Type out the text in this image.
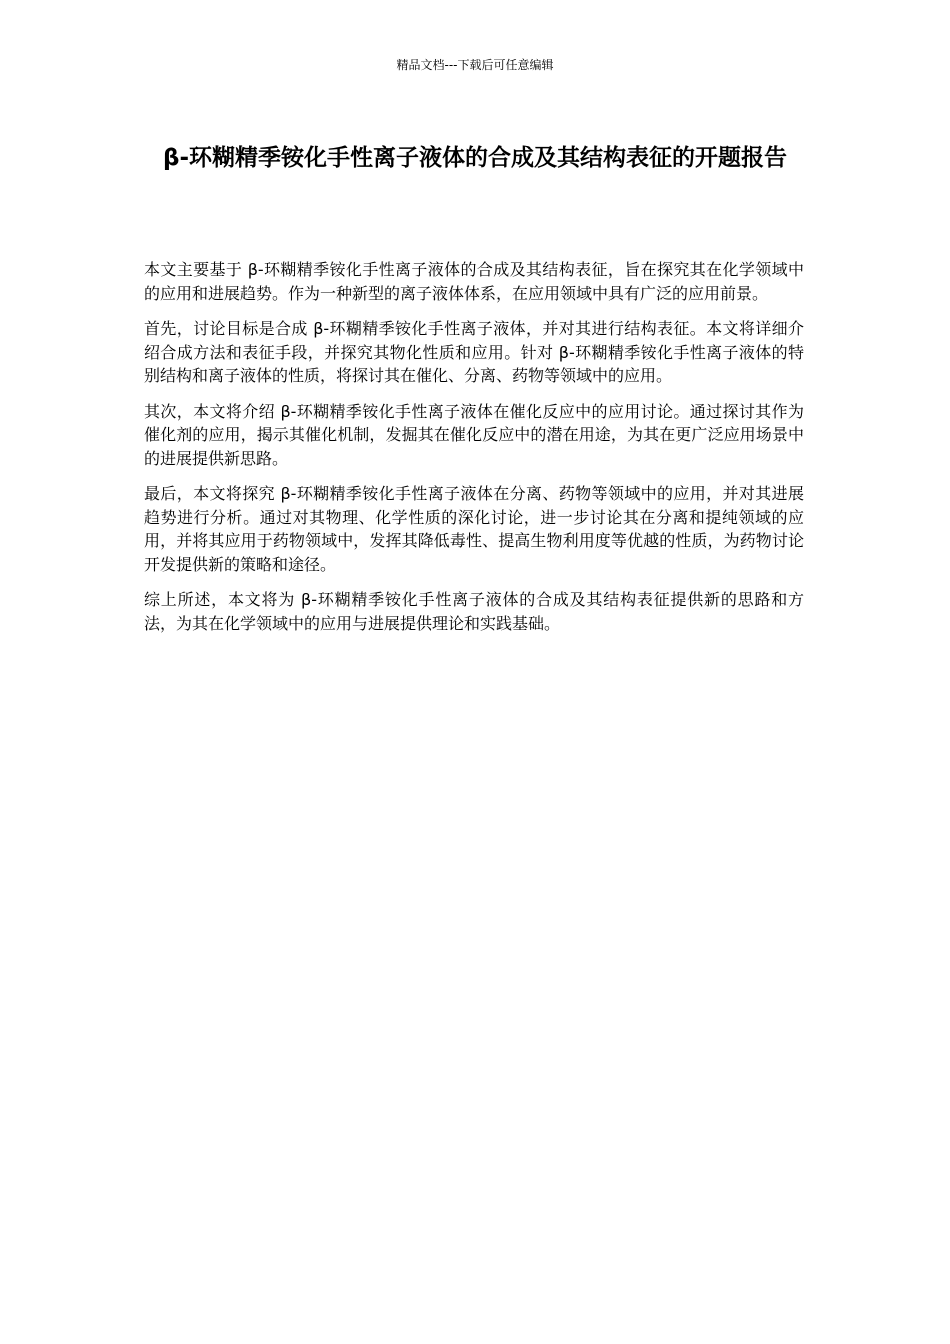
精品文档---下载后可任意编辑
β-环糊精季铵化手性离子液体的合成及其结构表征的开题报告

本文主要基于 β-环糊精季铵化手性离子液体的合成及其结构表征，旨在探究其在化学领域中的应用和进展趋势。作为一种新型的离子液体体系，在应用领域中具有广泛的应用前景。

首先，讨论目标是合成 β-环糊精季铵化手性离子液体，并对其进行结构表征。本文将详细介绍合成方法和表征手段，并探究其物化性质和应用。针对 β-环糊精季铵化手性离子液体的特别结构和离子液体的性质，将探讨其在催化、分离、药物等领域中的应用。

其次，本文将介绍 β-环糊精季铵化手性离子液体在催化反应中的应用讨论。通过探讨其作为催化剂的应用，揭示其催化机制，发掘其在催化反应中的潜在用途，为其在更广泛应用场景中的进展提供新思路。

最后，本文将探究 β-环糊精季铵化手性离子液体在分离、药物等领域中的应用，并对其进展趋势进行分析。通过对其物理、化学性质的深化讨论，进一步讨论其在分离和提纯领域的应用，并将其应用于药物领域中，发挥其降低毒性、提高生物利用度等优越的性质，为药物讨论开发提供新的策略和途径。

综上所述，本文将为 β-环糊精季铵化手性离子液体的合成及其结构表征提供新的思路和方法，为其在化学领域中的应用与进展提供理论和实践基础。
